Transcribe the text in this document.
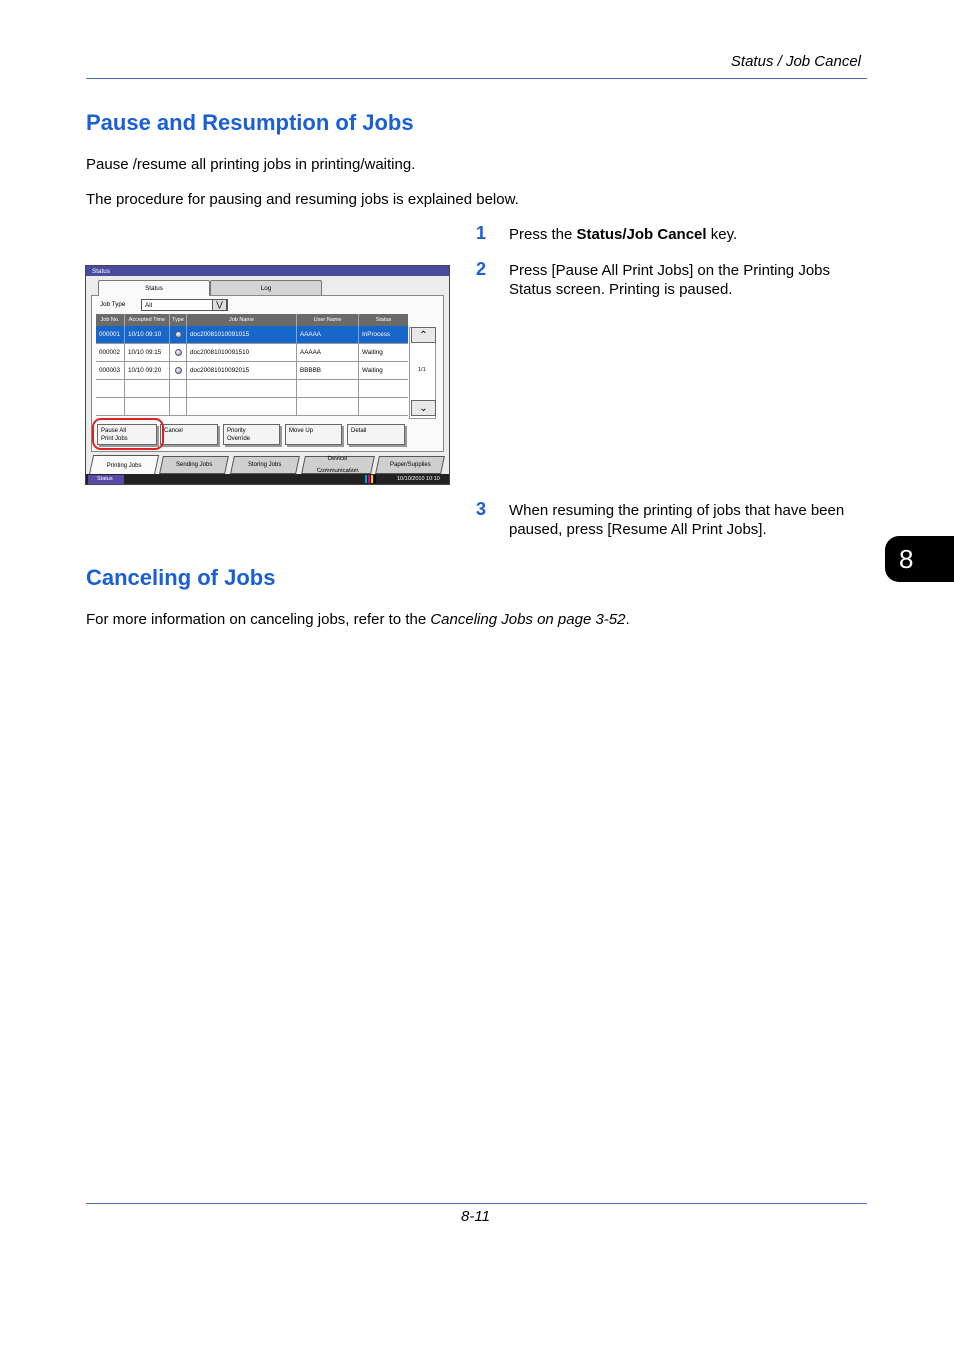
Status / Job Cancel
Pause and Resumption of Jobs
Pause /resume all printing jobs in printing/waiting.
The procedure for pausing and resuming jobs is explained below.
1 Press the Status/Job Cancel key.
2 Press [Pause All Print Jobs] on the Printing Jobs Status screen. Printing is paused.
3 When resuming the printing of jobs that have been paused, press [Resume All Print Jobs].
Status
Status	Log
Job Type	All	⋁
Job No.	Accepted Time	Type	Job Name	User Name	Status
000001	10/10 09:10	doc20081010091015	AAAAA	InProcess
000002	10/10 09:15	doc20081010091510	AAAAA	Waiting
000003	10/10 09:20	doc20081010092015	BBBBB	Waiting
⌃
1/1
⌄
Pause All
Print Jobs
Cancel	Priority
Override
Move Up	Detail
Printing Jobs	Sending Jobs	Storing Jobs
Device/

Communication
Paper/Supplies
Status	10/10/2010 10:10
Canceling of Jobs
For more information on canceling jobs, refer to the Canceling Jobs on page 3-52.
8
8-11
